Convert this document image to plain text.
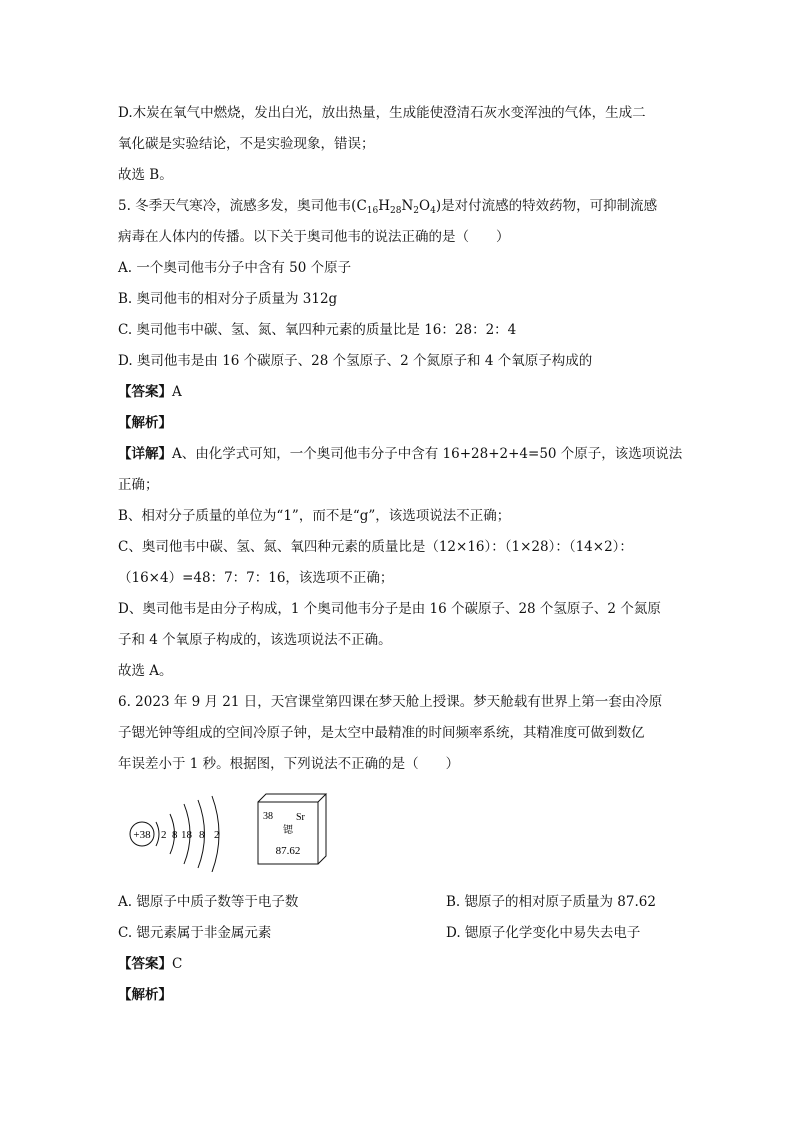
D.木炭在氧气中燃烧，发出白光，放出热量，生成能使澄清石灰水变浑浊的气体，生成二
氧化碳是实验结论，不是实验现象，错误；
故选 B。
5. 冬季天气寒冷，流感多发，奥司他韦$(C_{16}H_{28}N_2O_4)$是对付流感的特效药物，可抑制流感
病毒在人体内的传播。以下关于奥司他韦的说法正确的是（　　）
A. 一个奥司他韦分子中含有 50 个原子
B. 奥司他韦的相对分子质量为 312g
C. 奥司他韦中碳、氢、氮、氧四种元素的质量比是 16：28：2：4
D. 奥司他韦是由 16 个碳原子、28 个氢原子、2 个氮原子和 4 个氧原子构成的
【答案】A
【解析】
【详解】A、由化学式可知，一个奥司他韦分子中含有 16+28+2+4=50 个原子，该选项说法
正确；
B、相对分子质量的单位为“1”，而不是“g”，该选项说法不正确；
C、奥司他韦中碳、氢、氮、氧四种元素的质量比是（12×16）：（1×28）：（14×2）：
（16×4）=48：7：7：16，该选项不正确；
D、奥司他韦是由分子构成，1 个奥司他韦分子是由 16 个碳原子、28 个氢原子、2 个氮原
子和 4 个氧原子构成的，该选项说法不正确。
故选 A。
6. 2023 年 9 月 21 日，天宫课堂第四课在梦天舱上授课。梦天舱载有世界上第一套由冷原
子锶光钟等组成的空间冷原子钟，是太空中最精准的时间频率系统，其精准度可做到数亿
年误差小于 1 秒。根据图，下列说法不正确的是（　　）
+38 2 8 18 8 2
38 Sr
锶
87.62
A. 锶原子中质子数等于电子数	B. 锶原子的相对原子质量为 87.62
C. 锶元素属于非金属元素	D. 锶原子化学变化中易失去电子
【答案】C
【解析】
